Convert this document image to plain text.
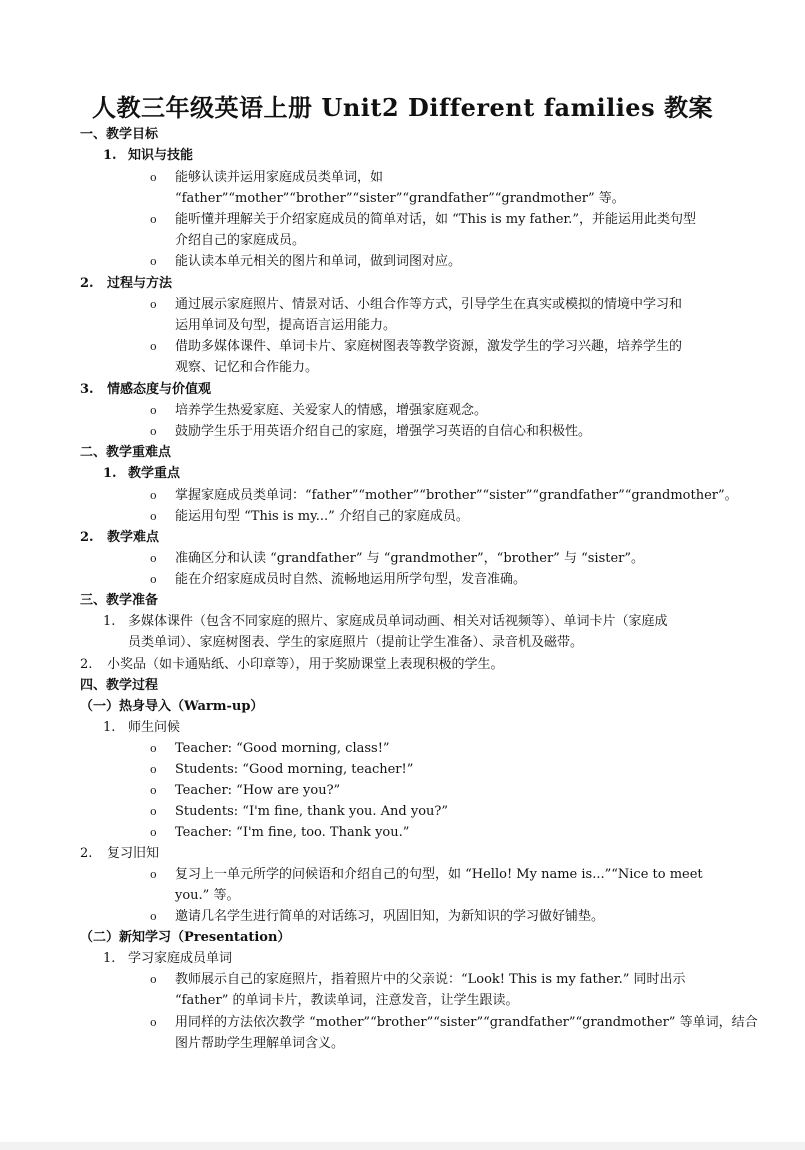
人教三年级英语上册 Unit2 Different families 教案
一、教学目标
1. 知识与技能
o 能够认读并运用家庭成员类单词，如
“father”“mother”“brother”“sister”“grandfather”“grandmother” 等。
o 能听懂并理解关于介绍家庭成员的简单对话，如 “This is my father.”，并能运用此类句型
介绍自己的家庭成员。
o 能认读本单元相关的图片和单词，做到词图对应。
2. 过程与方法
o 通过展示家庭照片、情景对话、小组合作等方式，引导学生在真实或模拟的情境中学习和
运用单词及句型，提高语言运用能力。
o 借助多媒体课件、单词卡片、家庭树图表等教学资源，激发学生的学习兴趣，培养学生的
观察、记忆和合作能力。
3. 情感态度与价值观
o 培养学生热爱家庭、关爱家人的情感，增强家庭观念。
o 鼓励学生乐于用英语介绍自己的家庭，增强学习英语的自信心和积极性。
二、教学重难点
1. 教学重点
o 掌握家庭成员类单词：“father”“mother”“brother”“sister”“grandfather”“grandmother”。
o 能运用句型 “This is my...” 介绍自己的家庭成员。
2. 教学难点
o 准确区分和认读 “grandfather” 与 “grandmother”，“brother” 与 “sister”。
o 能在介绍家庭成员时自然、流畅地运用所学句型，发音准确。
三、教学准备
1. 多媒体课件（包含不同家庭的照片、家庭成员单词动画、相关对话视频等）、单词卡片（家庭成
员类单词）、家庭树图表、学生的家庭照片（提前让学生准备）、录音机及磁带。
2. 小奖品（如卡通贴纸、小印章等），用于奖励课堂上表现积极的学生。
四、教学过程
（一）热身导入（Warm-up）
1. 师生问候
o Teacher: “Good morning, class!”
o Students: “Good morning, teacher!”
o Teacher: “How are you?”
o Students: “I'm fine, thank you. And you?”
o Teacher: “I'm fine, too. Thank you.”
2. 复习旧知
o 复习上一单元所学的问候语和介绍自己的句型，如 “Hello! My name is...”“Nice to meet
you.” 等。
o 邀请几名学生进行简单的对话练习，巩固旧知，为新知识的学习做好铺垫。
（二）新知学习（Presentation）
1. 学习家庭成员单词
o 教师展示自己的家庭照片，指着照片中的父亲说：“Look! This is my father.” 同时出示
“father” 的单词卡片，教读单词，注意发音，让学生跟读。
o 用同样的方法依次教学 “mother”“brother”“sister”“grandfather”“grandmother” 等单词，结合
图片帮助学生理解单词含义。
